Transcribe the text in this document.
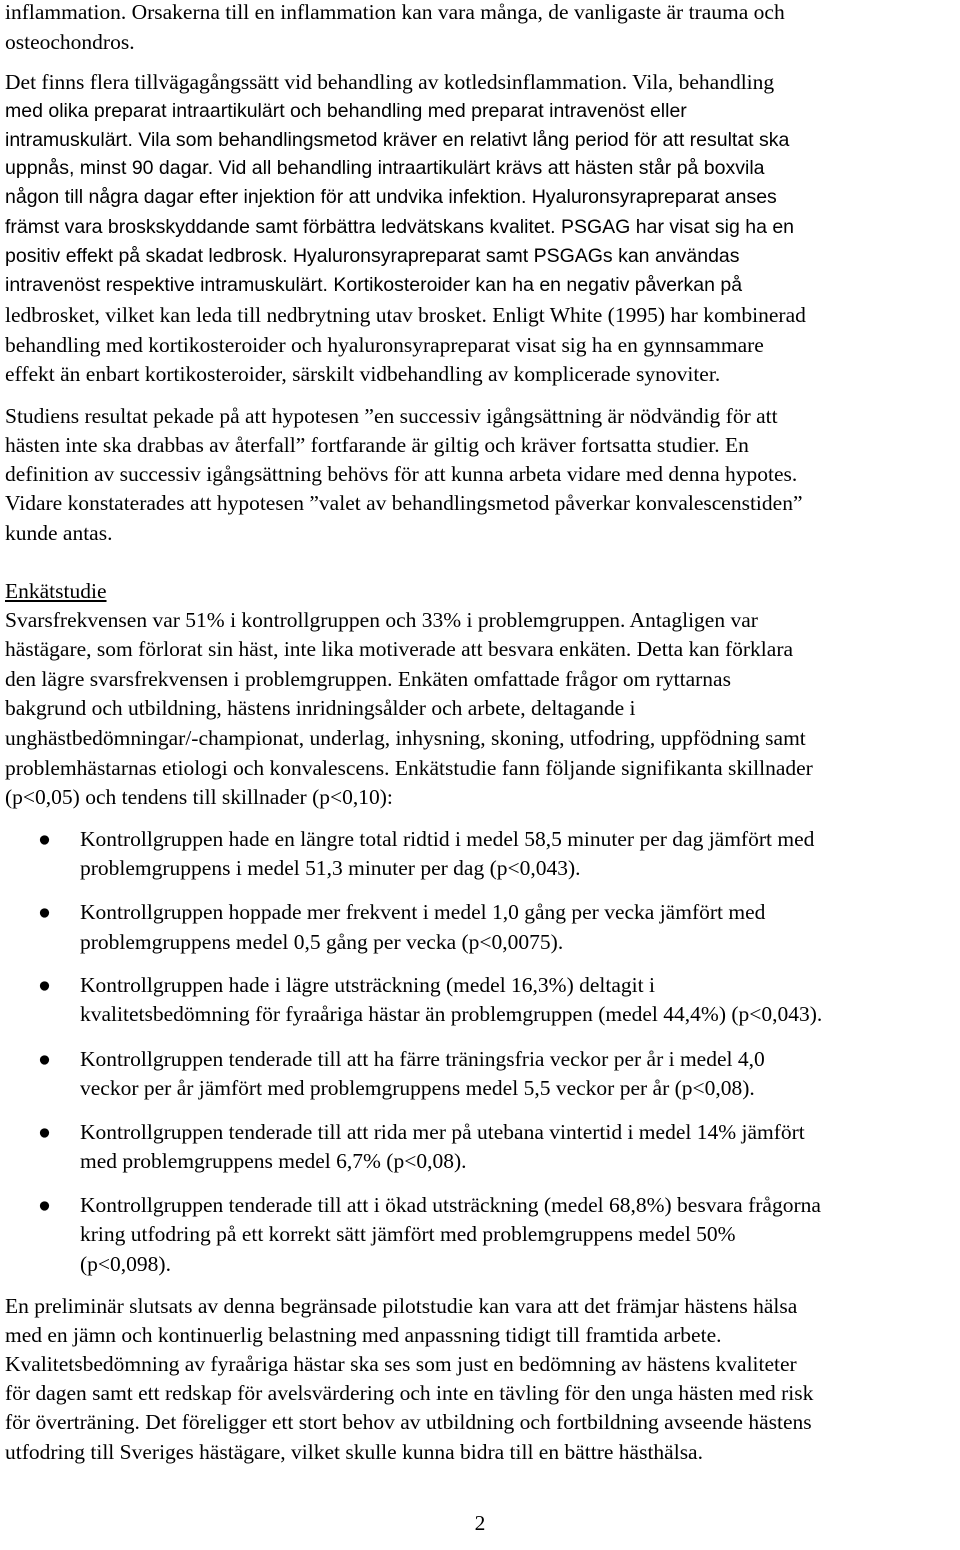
inflammation. Orsakerna till en inflammation kan vara många, de vanligaste är trauma och
osteochondros.
Det finns flera tillvägagångssätt vid behandling av kotledsinflammation. Vila, behandling
med olika preparat intraartikulärt och behandling med preparat intravenöst eller
intramuskulärt. Vila som behandlingsmetod kräver en relativt lång period för att resultat ska
uppnås, minst 90 dagar. Vid all behandling intraartikulärt krävs att hästen står på boxvila
någon till några dagar efter injektion för att undvika infektion. Hyaluronsyrapreparat anses
främst vara broskskyddande samt förbättra ledvätskans kvalitet. PSGAG har visat sig ha en
positiv effekt på skadat ledbrosk. Hyaluronsyrapreparat samt PSGAGs kan användas
intravenöst respektive intramuskulärt. Kortikosteroider kan ha en negativ påverkan på
ledbrosket, vilket kan leda till nedbrytning utav brosket. Enligt White (1995) har kombinerad
behandling med kortikosteroider och hyaluronsyrapreparat visat sig ha en gynnsammare
effekt än enbart kortikosteroider, särskilt vidbehandling av komplicerade synoviter.
Studiens resultat pekade på att hypotesen ”en successiv igångsättning är nödvändig för att
hästen inte ska drabbas av återfall” fortfarande är giltig och kräver fortsatta studier. En
definition av successiv igångsättning behövs för att kunna arbeta vidare med denna hypotes.
Vidare konstaterades att hypotesen ”valet av behandlingsmetod påverkar konvalescenstiden”
kunde antas.
Enkätstudie
Svarsfrekvensen var 51% i kontrollgruppen och 33% i problemgruppen. Antagligen var
hästägare, som förlorat sin häst, inte lika motiverade att besvara enkäten. Detta kan förklara
den lägre svarsfrekvensen i problemgruppen. Enkäten omfattade frågor om ryttarnas
bakgrund och utbildning, hästens inridningsålder och arbete, deltagande i
unghästbedömningar/-championat, underlag, inhysning, skoning, utfodring, uppfödning samt
problemhästarnas etiologi och konvalescens. Enkätstudie fann följande signifikanta skillnader
(p<0,05) och tendens till skillnader (p<0,10):
● Kontrollgruppen hade en längre total ridtid i medel 58,5 minuter per dag jämfört med
problemgruppens i medel 51,3 minuter per dag (p<0,043).
● Kontrollgruppen hoppade mer frekvent i medel 1,0 gång per vecka jämfört med
problemgruppens medel 0,5 gång per vecka (p<0,0075).
● Kontrollgruppen hade i lägre utsträckning (medel 16,3%) deltagit i
kvalitetsbedömning för fyraåriga hästar än problemgruppen (medel 44,4%) (p<0,043).
● Kontrollgruppen tenderade till att ha färre träningsfria veckor per år i medel 4,0
veckor per år jämfört med problemgruppens medel 5,5 veckor per år (p<0,08).
● Kontrollgruppen tenderade till att rida mer på utebana vintertid i medel 14% jämfört
med problemgruppens medel 6,7% (p<0,08).
● Kontrollgruppen tenderade till att i ökad utsträckning (medel 68,8%) besvara frågorna
kring utfodring på ett korrekt sätt jämfört med problemgruppens medel 50%
(p<0,098).
En preliminär slutsats av denna begränsade pilotstudie kan vara att det främjar hästens hälsa
med en jämn och kontinuerlig belastning med anpassning tidigt till framtida arbete.
Kvalitetsbedömning av fyraåriga hästar ska ses som just en bedömning av hästens kvaliteter
för dagen samt ett redskap för avelsvärdering och inte en tävling för den unga hästen med risk
för överträning. Det föreligger ett stort behov av utbildning och fortbildning avseende hästens
utfodring till Sveriges hästägare, vilket skulle kunna bidra till en bättre hästhälsa.
2
